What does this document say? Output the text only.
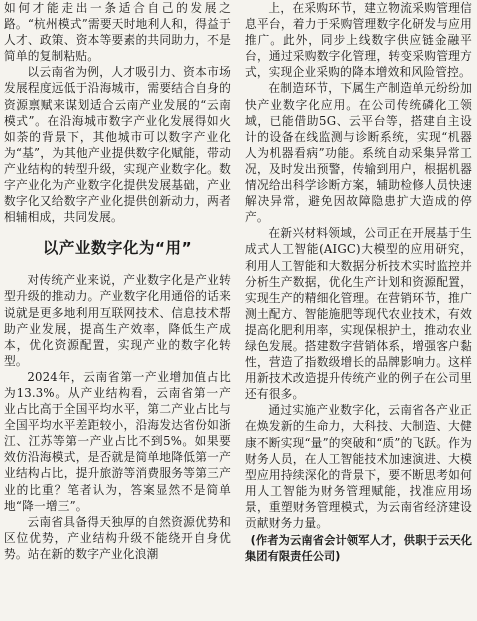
如何才能走出一条适合自己的发展之路。“杭州模式”需要天时地利人和，得益于人才、政策、资本等要素的共同助力，不是简单的复制粘贴。

以云南省为例，人才吸引力、资本市场发展程度远低于沿海城市，需要结合自身的资源禀赋来谋划适合云南产业发展的“云南模式”。在沿海城市数字产业化发展得如火如荼的背景下，其他城市可以数字产业化为“基”，为其他产业提供数字化赋能，带动产业结构的转型升级，实现产业数字化。数字产业化为产业数字化提供发展基础，产业数字化又给数字产业化提供创新动力，两者相辅相成，共同发展。

以产业数字化为“用”

对传统产业来说，产业数字化是产业转型升级的推动力。产业数字化用通俗的话来说就是更多地利用互联网技术、信息技术帮助产业发展，提高生产效率，降低生产成本，优化资源配置，实现产业的数字化转型。

2024年，云南省第一产业增加值占比为13.3%。从产业结构看，云南省第一产业占比高于全国平均水平，第二产业占比与全国平均水平差距较小，沿海发达省份如浙江、江苏等第一产业占比不到5%。如果要效仿沿海模式，是否就是简单地降低第一产业结构占比，提升旅游等消费服务等第三产业的比重？笔者认为，答案显然不是简单地“降一增三”。

云南省具备得天独厚的自然资源优势和区位优势，产业结构升级不能绕开自身优势。站在新的数字产业化浪潮

上，在采购环节，建立物流采购管理信息平台，着力于采购管理数字化研发与应用推广。此外，同步上线数字供应链金融平台，通过采购数字化管理，转变采购管理方式，实现企业采购的降本增效和风险管控。

在制造环节，下属生产制造单元纷纷加快产业数字化应用。在公司传统磷化工领域，已能借助5G、云平台等，搭建自主设计的设备在线监测与诊断系统，实现“机器人为机器看病”功能。系统自动采集异常工况，及时发出预警，传输到用户，根据机器情况给出科学诊断方案，辅助检修人员快速解决异常，避免因故障隐患扩大造成的停产。

在新兴材料领域，公司正在开展基于生成式人工智能(AIGC)大模型的应用研究，利用人工智能和大数据分析技术实时监控并分析生产数据，优化生产计划和资源配置，实现生产的精细化管理。在营销环节，推广测土配方、智能施肥等现代农业技术，有效提高化肥利用率，实现保根护土，推动农业绿色发展。搭建数字营销体系，增强客户黏性，营造了指数级增长的品牌影响力。这样用新技术改造提升传统产业的例子在公司里还有很多。

通过实施产业数字化，云南省各产业正在焕发新的生命力，大科技、大制造、大健康不断实现“量”的突破和“质”的飞跃。作为财务人员，在人工智能技术加速演进、大模型应用持续深化的背景下，要不断思考如何用人工智能为财务管理赋能，找准应用场景，重塑财务管理模式，为云南省经济建设贡献财务力量。

(作者为云南省会计领军人才，供职于云天化集团有限责任公司)
